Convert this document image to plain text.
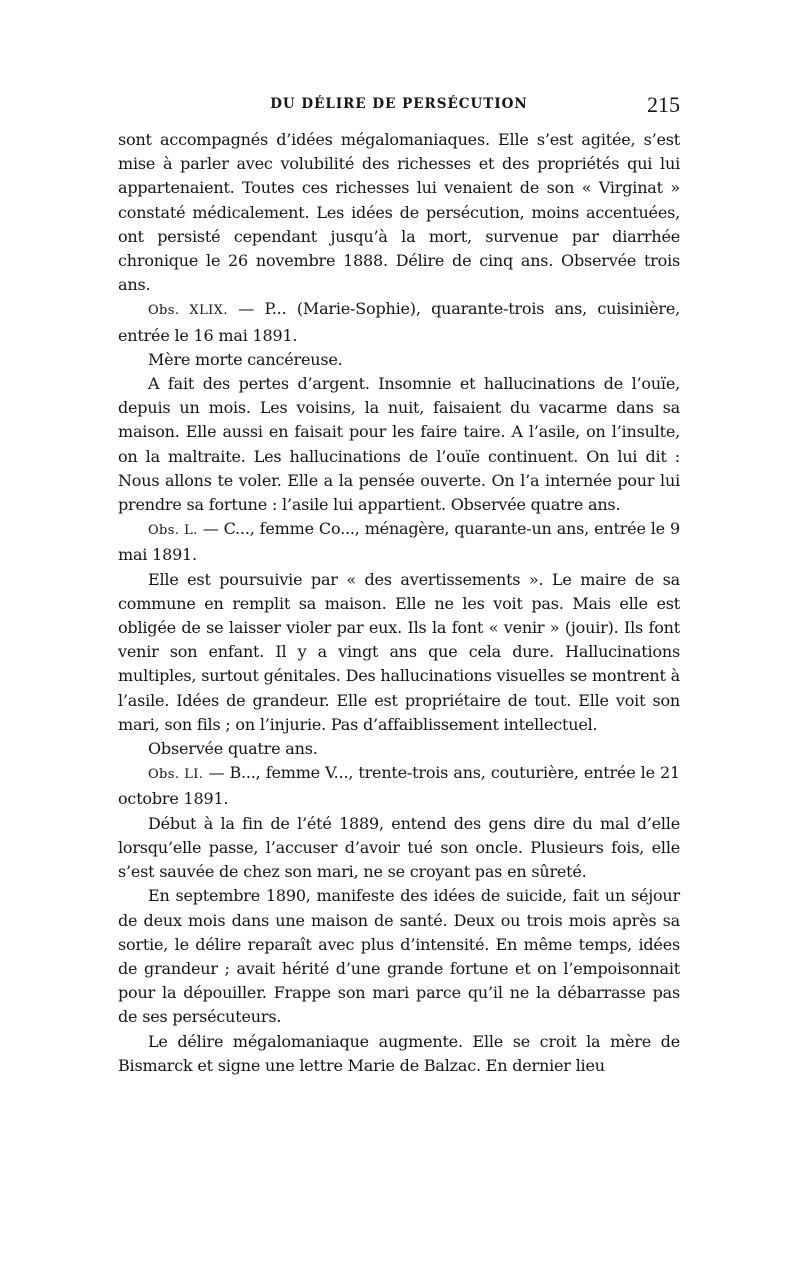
DU DÉLIRE DE PERSÉCUTION	215

sont accompagnés d’idées mégalomaniaques. Elle s’est agitée, s’est mise à parler avec volubilité des richesses et des propriétés qui lui appartenaient. Toutes ces richesses lui venaient de son « Virginat » constaté médicalement. Les idées de persécution, moins accentuées, ont persisté cependant jusqu’à la mort, survenue par diarrhée chronique le 26 novembre 1888. Délire de cinq ans. Observée trois ans.

Obs. XLIX. — P... (Marie-Sophie), quarante-trois ans, cuisinière, entrée le 16 mai 1891.

Mère morte cancéreuse.

A fait des pertes d’argent. Insomnie et hallucinations de l’ouïe, depuis un mois. Les voisins, la nuit, faisaient du vacarme dans sa maison. Elle aussi en faisait pour les faire taire. A l’asile, on l’insulte, on la maltraite. Les hallucinations de l’ouïe continuent. On lui dit : Nous allons te voler. Elle a la pensée ouverte. On l’a internée pour lui prendre sa fortune : l’asile lui appartient. Observée quatre ans.

Obs. L. — C..., femme Co..., ménagère, quarante-un ans, entrée le 9 mai 1891.

Elle est poursuivie par « des avertissements ». Le maire de sa commune en remplit sa maison. Elle ne les voit pas. Mais elle est obligée de se laisser violer par eux. Ils la font « venir » (jouir). Ils font venir son enfant. Il y a vingt ans que cela dure. Hallucinations multiples, surtout génitales. Des hallucinations visuelles se montrent à l’asile. Idées de grandeur. Elle est propriétaire de tout. Elle voit son mari, son fils ; on l’injurie. Pas d’affaiblissement intellectuel.

Observée quatre ans.

Obs. LI. — B..., femme V..., trente-trois ans, couturière, entrée le 21 octobre 1891.

Début à la fin de l’été 1889, entend des gens dire du mal d’elle lorsqu’elle passe, l’accuser d’avoir tué son oncle. Plusieurs fois, elle s’est sauvée de chez son mari, ne se croyant pas en sûreté.

En septembre 1890, manifeste des idées de suicide, fait un séjour de deux mois dans une maison de santé. Deux ou trois mois après sa sortie, le délire reparaît avec plus d’intensité. En même temps, idées de grandeur ; avait hérité d’une grande fortune et on l’empoisonnait pour la dépouiller. Frappe son mari parce qu’il ne la débarrasse pas de ses persécuteurs.

Le délire mégalomaniaque augmente. Elle se croit la mère de Bismarck et signe une lettre Marie de Balzac. En dernier lieu
